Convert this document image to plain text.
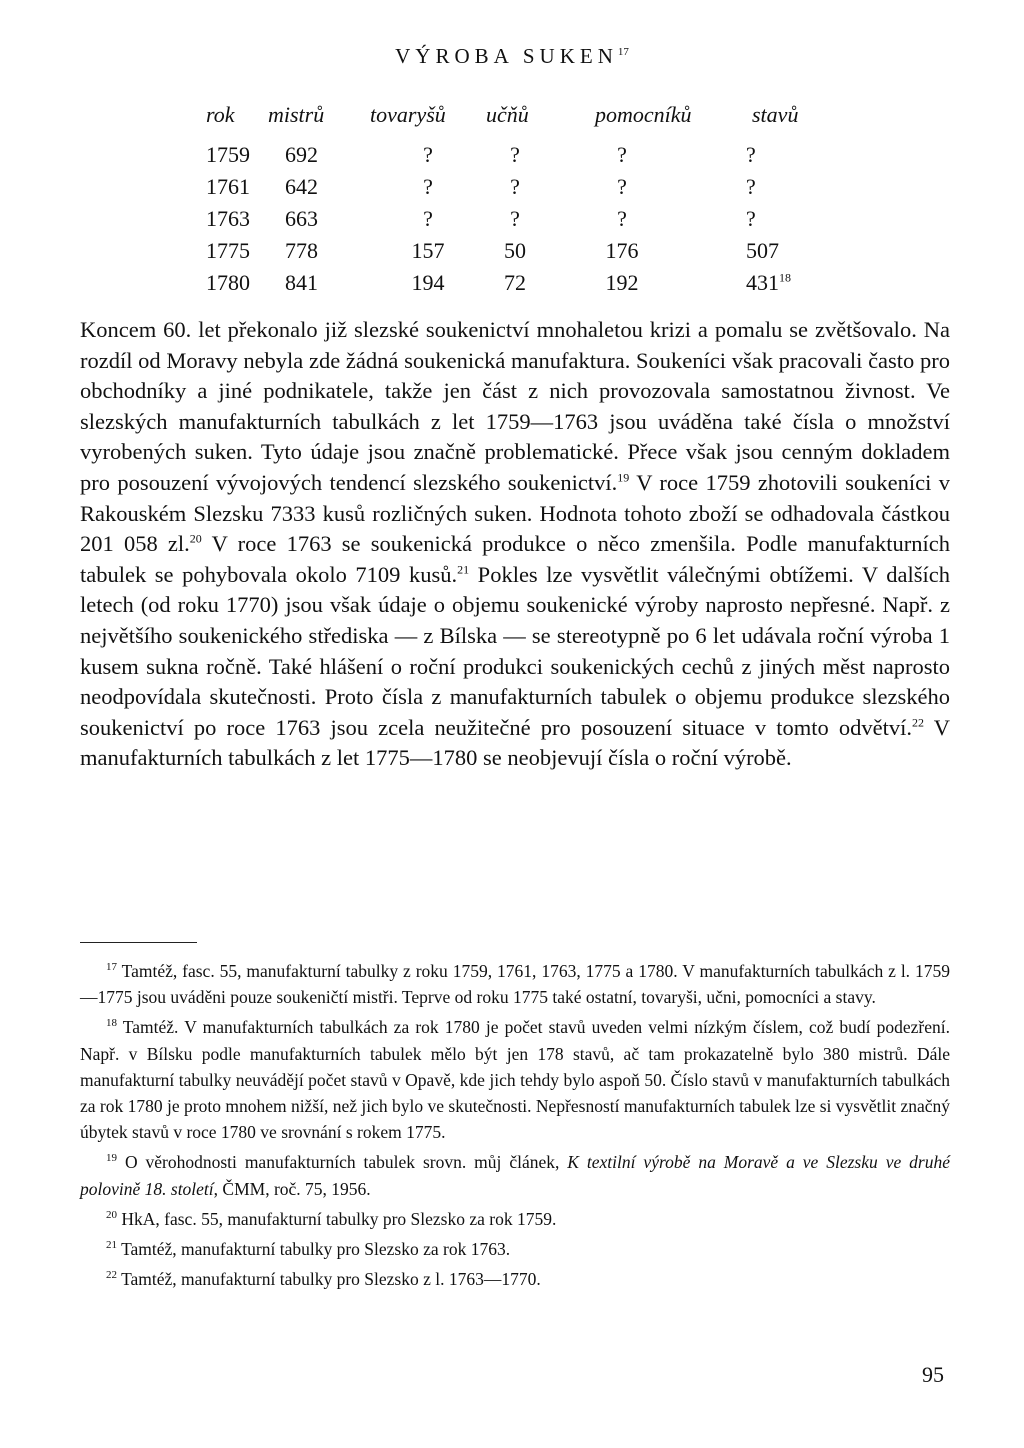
VÝROBA SUKEN$^{17}$
rok mistrů tovaryšů učňů	pomocníků	stavů
1759 692	?	?	?	?
1761 642	?	?	?	?
1763 663	?	?	?	?
1775 778	157	50	176	507
1780 841	194	72	192	$431^{18}$
Koncem 60. let překonalo již slezské soukenictví mnohaletou krizi a pomalu se zvětšovalo. Na rozdíl od Moravy nebyla zde žádná soukenická manufaktura. Soukeníci však pracovali často pro obchodníky a jiné podnikatele, takže jen část z nich provozovala samostatnou živnost. Ve slezských manufakturních tabulkách z let 1759—1763 jsou uváděna také čísla o množství vyrobených suken. Tyto údaje jsou značně problematické. Přece však jsou cenným dokladem pro posouzení vývojových tendencí slezského soukenictví.$^{19}$ V roce 1759 zhotovili soukeníci v Rakouském Slezsku 7333 kusů rozličných suken. Hodnota tohoto zboží se odhadovala částkou 201 058 zl.$^{20}$ V roce 1763 se soukenická produkce o něco zmenšila. Podle manufakturních tabulek se pohybovala okolo 7109 kusů.$^{21}$ Pokles lze vysvětlit válečnými obtížemi. V dalších letech (od roku 1770) jsou však údaje o objemu soukenické výroby naprosto nepřesné. Např. z největšího soukenického střediska — z Bílska — se stereotypně po 6 let udávala roční výroba 1 kusem sukna ročně. Také hlášení o roční produkci soukenických cechů z jiných měst naprosto neodpovídala skutečnosti. Proto čísla z manufakturních tabulek o objemu produkce slezského soukenictví po roce 1763 jsou zcela neužitečné pro posouzení situace v tomto odvětví.$^{22}$ V manufakturních tabulkách z let 1775—1780 se neobjevují čísla o roční výrobě.

$^{17}$ Tamtéž, fasc. 55, manufakturní tabulky z roku 1759, 1761, 1763, 1775 a 1780. V manufakturních tabulkách z l. 1759—1775 jsou uváděni pouze soukeničtí mistři. Teprve od roku 1775 také ostatní, tovaryši, učni, pomocníci a stavy.

$^{18}$ Tamtéž. V manufakturních tabulkách za rok 1780 je počet stavů uveden velmi nízkým číslem, což budí podezření. Např. v Bílsku podle manufakturních tabulek mělo být jen 178 stavů, ač tam prokazatelně bylo 380 mistrů. Dále manufakturní tabulky neuvádějí počet stavů v Opavě, kde jich tehdy bylo aspoň 50. Číslo stavů v manufakturních tabulkách za rok 1780 je proto mnohem nižší, než jich bylo ve skutečnosti. Nepřesností manufakturních tabulek lze si vysvětlit značný úbytek stavů v roce 1780 ve srovnání s rokem 1775.

$^{19}$ O věrohodnosti manufakturních tabulek srovn. můj článek, K textilní výrobě na Moravě a ve Slezsku ve druhé polovině 18. století, ČMM, roč. 75, 1956.

$^{20}$ HkA, fasc. 55, manufakturní tabulky pro Slezsko za rok 1759.

$^{21}$ Tamtéž, manufakturní tabulky pro Slezsko za rok 1763.

$^{22}$ Tamtéž, manufakturní tabulky pro Slezsko z l. 1763—1770.

95
